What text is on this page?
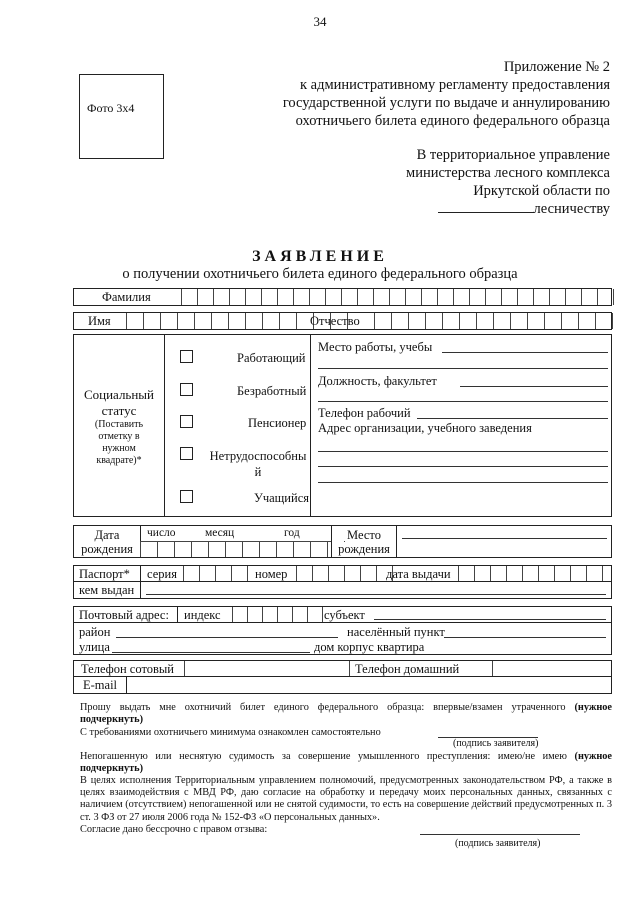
34
Фото 3х4
Приложение № 2
к административному регламенту предоставления
государственной услуги по выдаче и аннулированию
охотничьего билета единого федерального образца
В территориальное управление
министерства лесного комплекса
Иркутской области по
лесничеству
ЗАЯВЛЕНИЕ
о получении охотничьего билета единого федерального образца
Фамилия
Имя	Отчество
Социальный
статус
(Поставить отметку в нужном квадрате)*
Работающий
Безработный
Пенсионер
Нетрудоспособный
Учащийся
Место работы, учебы
Должность, факультет
Телефон рабочий
Адрес организации, учебного заведения
Дата
рождения
число	месяц	год	Место
рождения
Паспорт* серия	номер	дата выдачи
кем выдан
Почтовый адрес: индекс	субъект
район	населённый пункт
улица	дом корпус квартира
Телефон сотовый	Телефон домашний
E-mail
Прошу выдать мне охотничий билет единого федерального образца: впервые/взамен утраченного (нужное подчеркнуть)
С требованиями охотничьего минимума ознакомлен самостоятельно
(подпись заявителя)
Непогашенную или неснятую судимость за совершение умышленного преступления: имею/не имею (нужное подчеркнуть)
В целях исполнения Территориальным управлением полномочий, предусмотренных законодательством РФ, а также в целях взаимодействия с МВД РФ, даю согласие на обработку и передачу моих персональных данных, связанных с наличием (отсутствием) непогашенной или не снятой судимости, то есть на совершение действий предусмотренных п. 3 ст. 3 ФЗ от 27 июля 2006 года № 152-ФЗ «О персональных данных».
Согласие дано бессрочно с правом отзыва:
(подпись заявителя)
